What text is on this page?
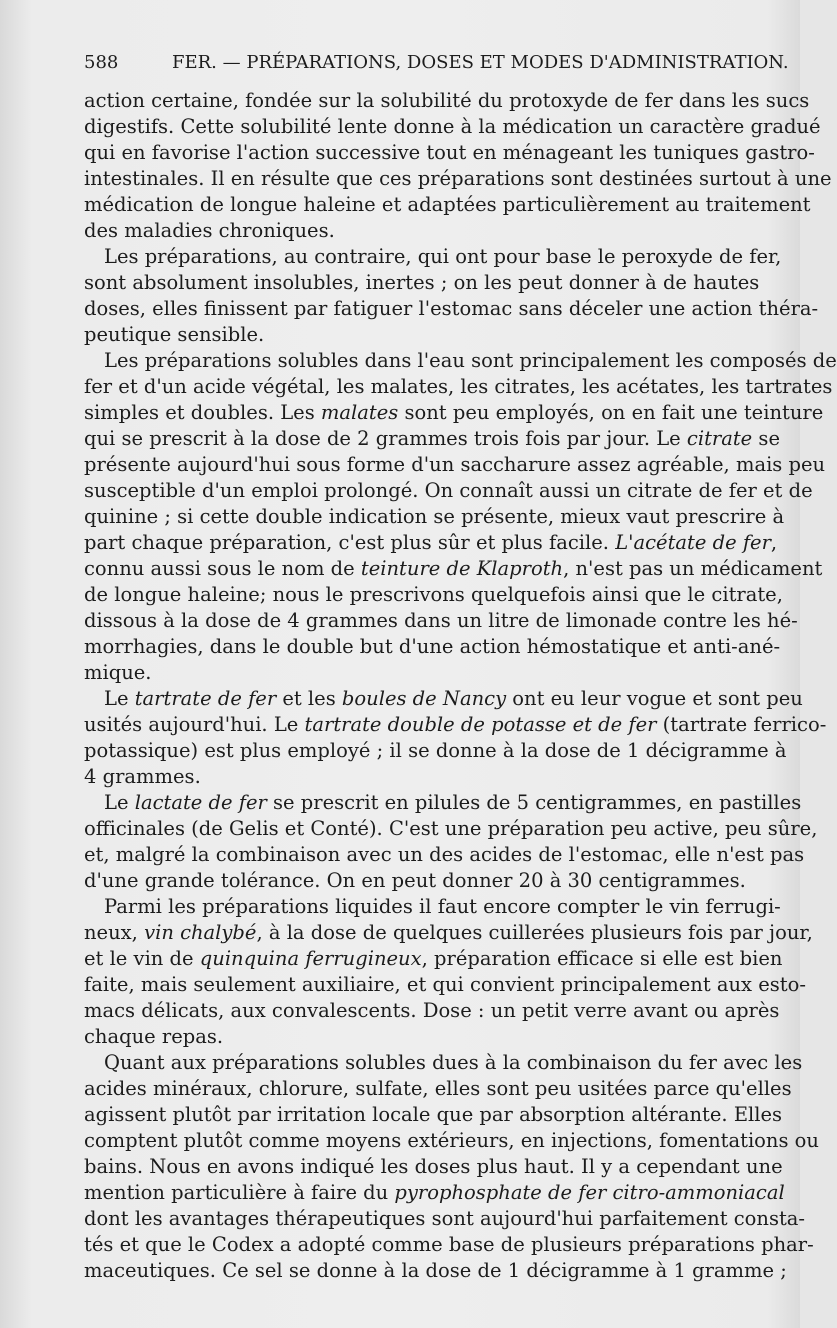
588	FER. — PRÉPARATIONS, DOSES ET MODES D'ADMINISTRATION.
action certaine, fondée sur la solubilité du protoxyde de fer dans les sucs
digestifs. Cette solubilité lente donne à la médication un caractère gradué
qui en favorise l'action successive tout en ménageant les tuniques gastro-
intestinales. Il en résulte que ces préparations sont destinées surtout à une
médication de longue haleine et adaptées particulièrement au traitement
des maladies chroniques.
Les préparations, au contraire, qui ont pour base le peroxyde de fer,
sont absolument insolubles, inertes ; on les peut donner à de hautes
doses, elles finissent par fatiguer l'estomac sans déceler une action théra-
peutique sensible.
Les préparations solubles dans l'eau sont principalement les composés de
fer et d'un acide végétal, les malates, les citrates, les acétates, les tartrates
simples et doubles. Les malates sont peu employés, on en fait une teinture
qui se prescrit à la dose de 2 grammes trois fois par jour. Le citrate se
présente aujourd'hui sous forme d'un saccharure assez agréable, mais peu
susceptible d'un emploi prolongé. On connaît aussi un citrate de fer et de
quinine ; si cette double indication se présente, mieux vaut prescrire à
part chaque préparation, c'est plus sûr et plus facile. L'acétate de fer,
connu aussi sous le nom de teinture de Klaproth, n'est pas un médicament
de longue haleine; nous le prescrivons quelquefois ainsi que le citrate,
dissous à la dose de 4 grammes dans un litre de limonade contre les hé-
morrhagies, dans le double but d'une action hémostatique et anti-ané-
mique.
Le tartrate de fer et les boules de Nancy ont eu leur vogue et sont peu
usités aujourd'hui. Le tartrate double de potasse et de fer (tartrate ferrico-
potassique) est plus employé ; il se donne à la dose de 1 décigramme à
4 grammes.
Le lactate de fer se prescrit en pilules de 5 centigrammes, en pastilles
officinales (de Gelis et Conté). C'est une préparation peu active, peu sûre,
et, malgré la combinaison avec un des acides de l'estomac, elle n'est pas
d'une grande tolérance. On en peut donner 20 à 30 centigrammes.
Parmi les préparations liquides il faut encore compter le vin ferrugi-
neux, vin chalybé, à la dose de quelques cuillerées plusieurs fois par jour,
et le vin de quinquina ferrugineux, préparation efficace si elle est bien
faite, mais seulement auxiliaire, et qui convient principalement aux esto-
macs délicats, aux convalescents. Dose : un petit verre avant ou après
chaque repas.
Quant aux préparations solubles dues à la combinaison du fer avec les
acides minéraux, chlorure, sulfate, elles sont peu usitées parce qu'elles
agissent plutôt par irritation locale que par absorption altérante. Elles
comptent plutôt comme moyens extérieurs, en injections, fomentations ou
bains. Nous en avons indiqué les doses plus haut. Il y a cependant une
mention particulière à faire du pyrophosphate de fer citro-ammoniacal
dont les avantages thérapeutiques sont aujourd'hui parfaitement consta-
tés et que le Codex a adopté comme base de plusieurs préparations phar-
maceutiques. Ce sel se donne à la dose de 1 décigramme à 1 gramme ;
